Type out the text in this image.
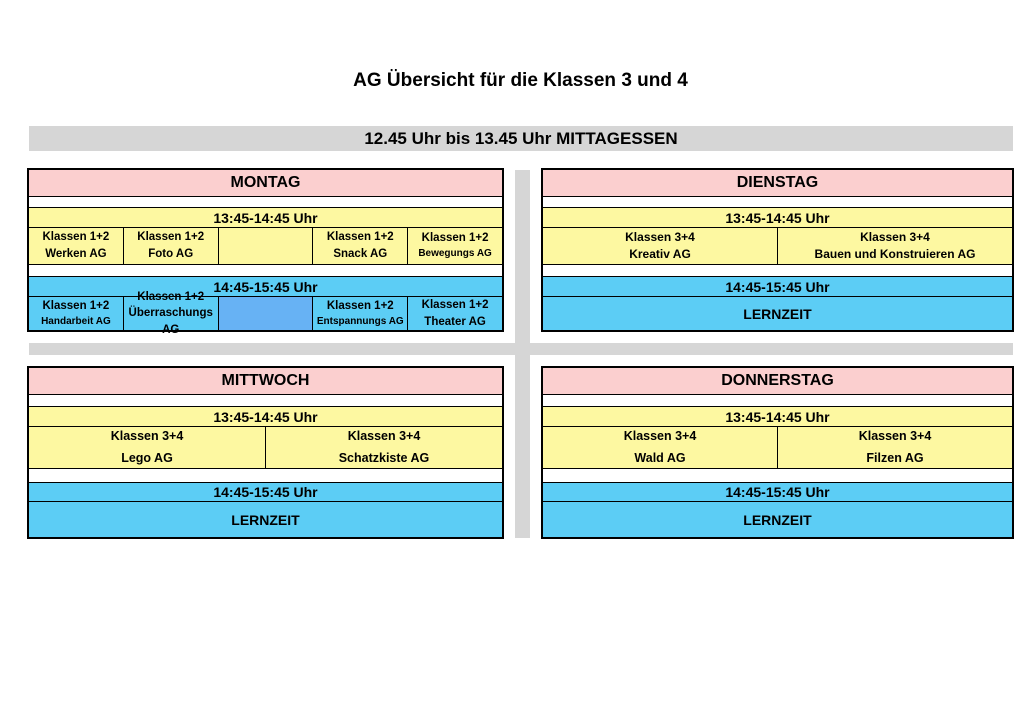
AG Übersicht für die Klassen 3 und 4
12.45 Uhr bis 13.45 Uhr MITTAGESSEN
MONTAG
13:45-14:45 Uhr
Klassen 1+2
Werken AG
Klassen 1+2
Foto AG
Klassen 1+2
Snack AG
Klassen 1+2
Bewegungs AG
14:45-15:45 Uhr
Klassen 1+2
Handarbeit AG
Klassen 1+2
Überraschungs AG
Klassen 1+2
Entspannungs AG
Klassen 1+2
Theater AG
DIENSTAG
13:45-14:45 Uhr
Klassen 3+4
Kreativ AG
Klassen 3+4
Bauen und Konstruieren AG
14:45-15:45 Uhr
LERNZEIT
MITTWOCH
13:45-14:45 Uhr
Klassen 3+4
Lego AG
Klassen 3+4
Schatzkiste AG
14:45-15:45 Uhr
LERNZEIT
DONNERSTAG
13:45-14:45 Uhr
Klassen 3+4
Wald AG
Klassen 3+4
Filzen AG
14:45-15:45 Uhr
LERNZEIT
